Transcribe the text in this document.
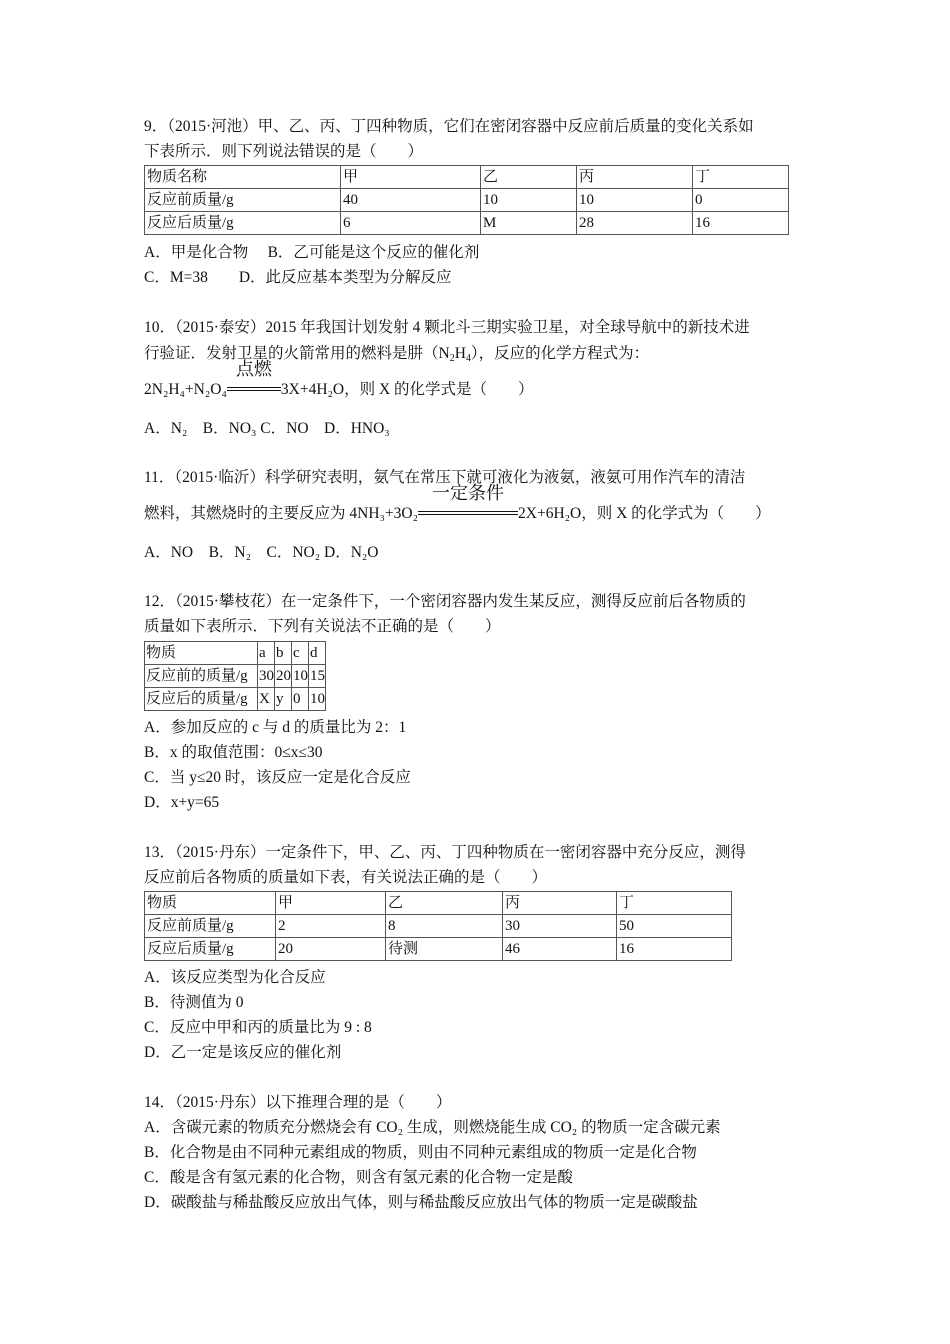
9．（2015·河池）甲、乙、丙、丁四种物质，它们在密闭容器中反应前后质量的变化关系如
下表所示．则下列说法错误的是（　　）
物质名称	甲	乙	丙	丁
反应前质量/g	40	10	10	0
反应后质量/g	6	M	28	16
A．甲是化合物　 B．乙可能是这个反应的催化剂
C．M=38　　D．此反应基本类型为分解反应
10．（2015·泰安）2015 年我国计划发射 4 颗北斗三期实验卫星，对全球导航中的新技术进
行验证．发射卫星的火箭常用的燃料是肼$(N_2H_4)$，反应的化学方程式为：
2N₂H₄+N₂O₄
点燃
3X+4H₂O，则 X 的化学式是（　　）
A．N₂　B．NO₃ C．NO　D．HNO₃
11．（2015·临沂）科学研究表明，氨气在常压下就可液化为液氨，液氨可用作汽车的清洁
燃料，其燃烧时的主要反应为 4NH₃+3O₂
一定条件
2X+6H₂O，则 X 的化学式为（　　）
A．NO　B．N₂　C．NO₂ D．N₂O
12．（2015·攀枝花）在一定条件下，一个密闭容器内发生某反应，测得反应前后各物质的
质量如下表所示．下列有关说法不正确的是（　　）
物质	a	b	c	d
反应前的质量/g	30	20	10	15
反应后的质量/g	X	y	0	10
A．参加反应的 c 与 d 的质量比为 2：1
B．x 的取值范围：0≤x≤30
C．当 y≤20 时，该反应一定是化合反应
D．x+y=65
13．（2015·丹东）一定条件下，甲、乙、丙、丁四种物质在一密闭容器中充分反应，测得
反应前后各物质的质量如下表，有关说法正确的是（　　）
物质	甲	乙	丙	丁
反应前质量/g	2	8	30	50
反应后质量/g	20	待测	46	16
A．该反应类型为化合反应
B．待测值为 0
C．反应中甲和丙的质量比为 9 : 8
D．乙一定是该反应的催化剂
14．（2015·丹东）以下推理合理的是（　　）
A．含碳元素的物质充分燃烧会有 CO₂ 生成，则燃烧能生成 CO₂ 的物质一定含碳元素
B．化合物是由不同种元素组成的物质，则由不同种元素组成的物质一定是化合物
C．酸是含有氢元素的化合物，则含有氢元素的化合物一定是酸
D．碳酸盐与稀盐酸反应放出气体，则与稀盐酸反应放出气体的物质一定是碳酸盐
